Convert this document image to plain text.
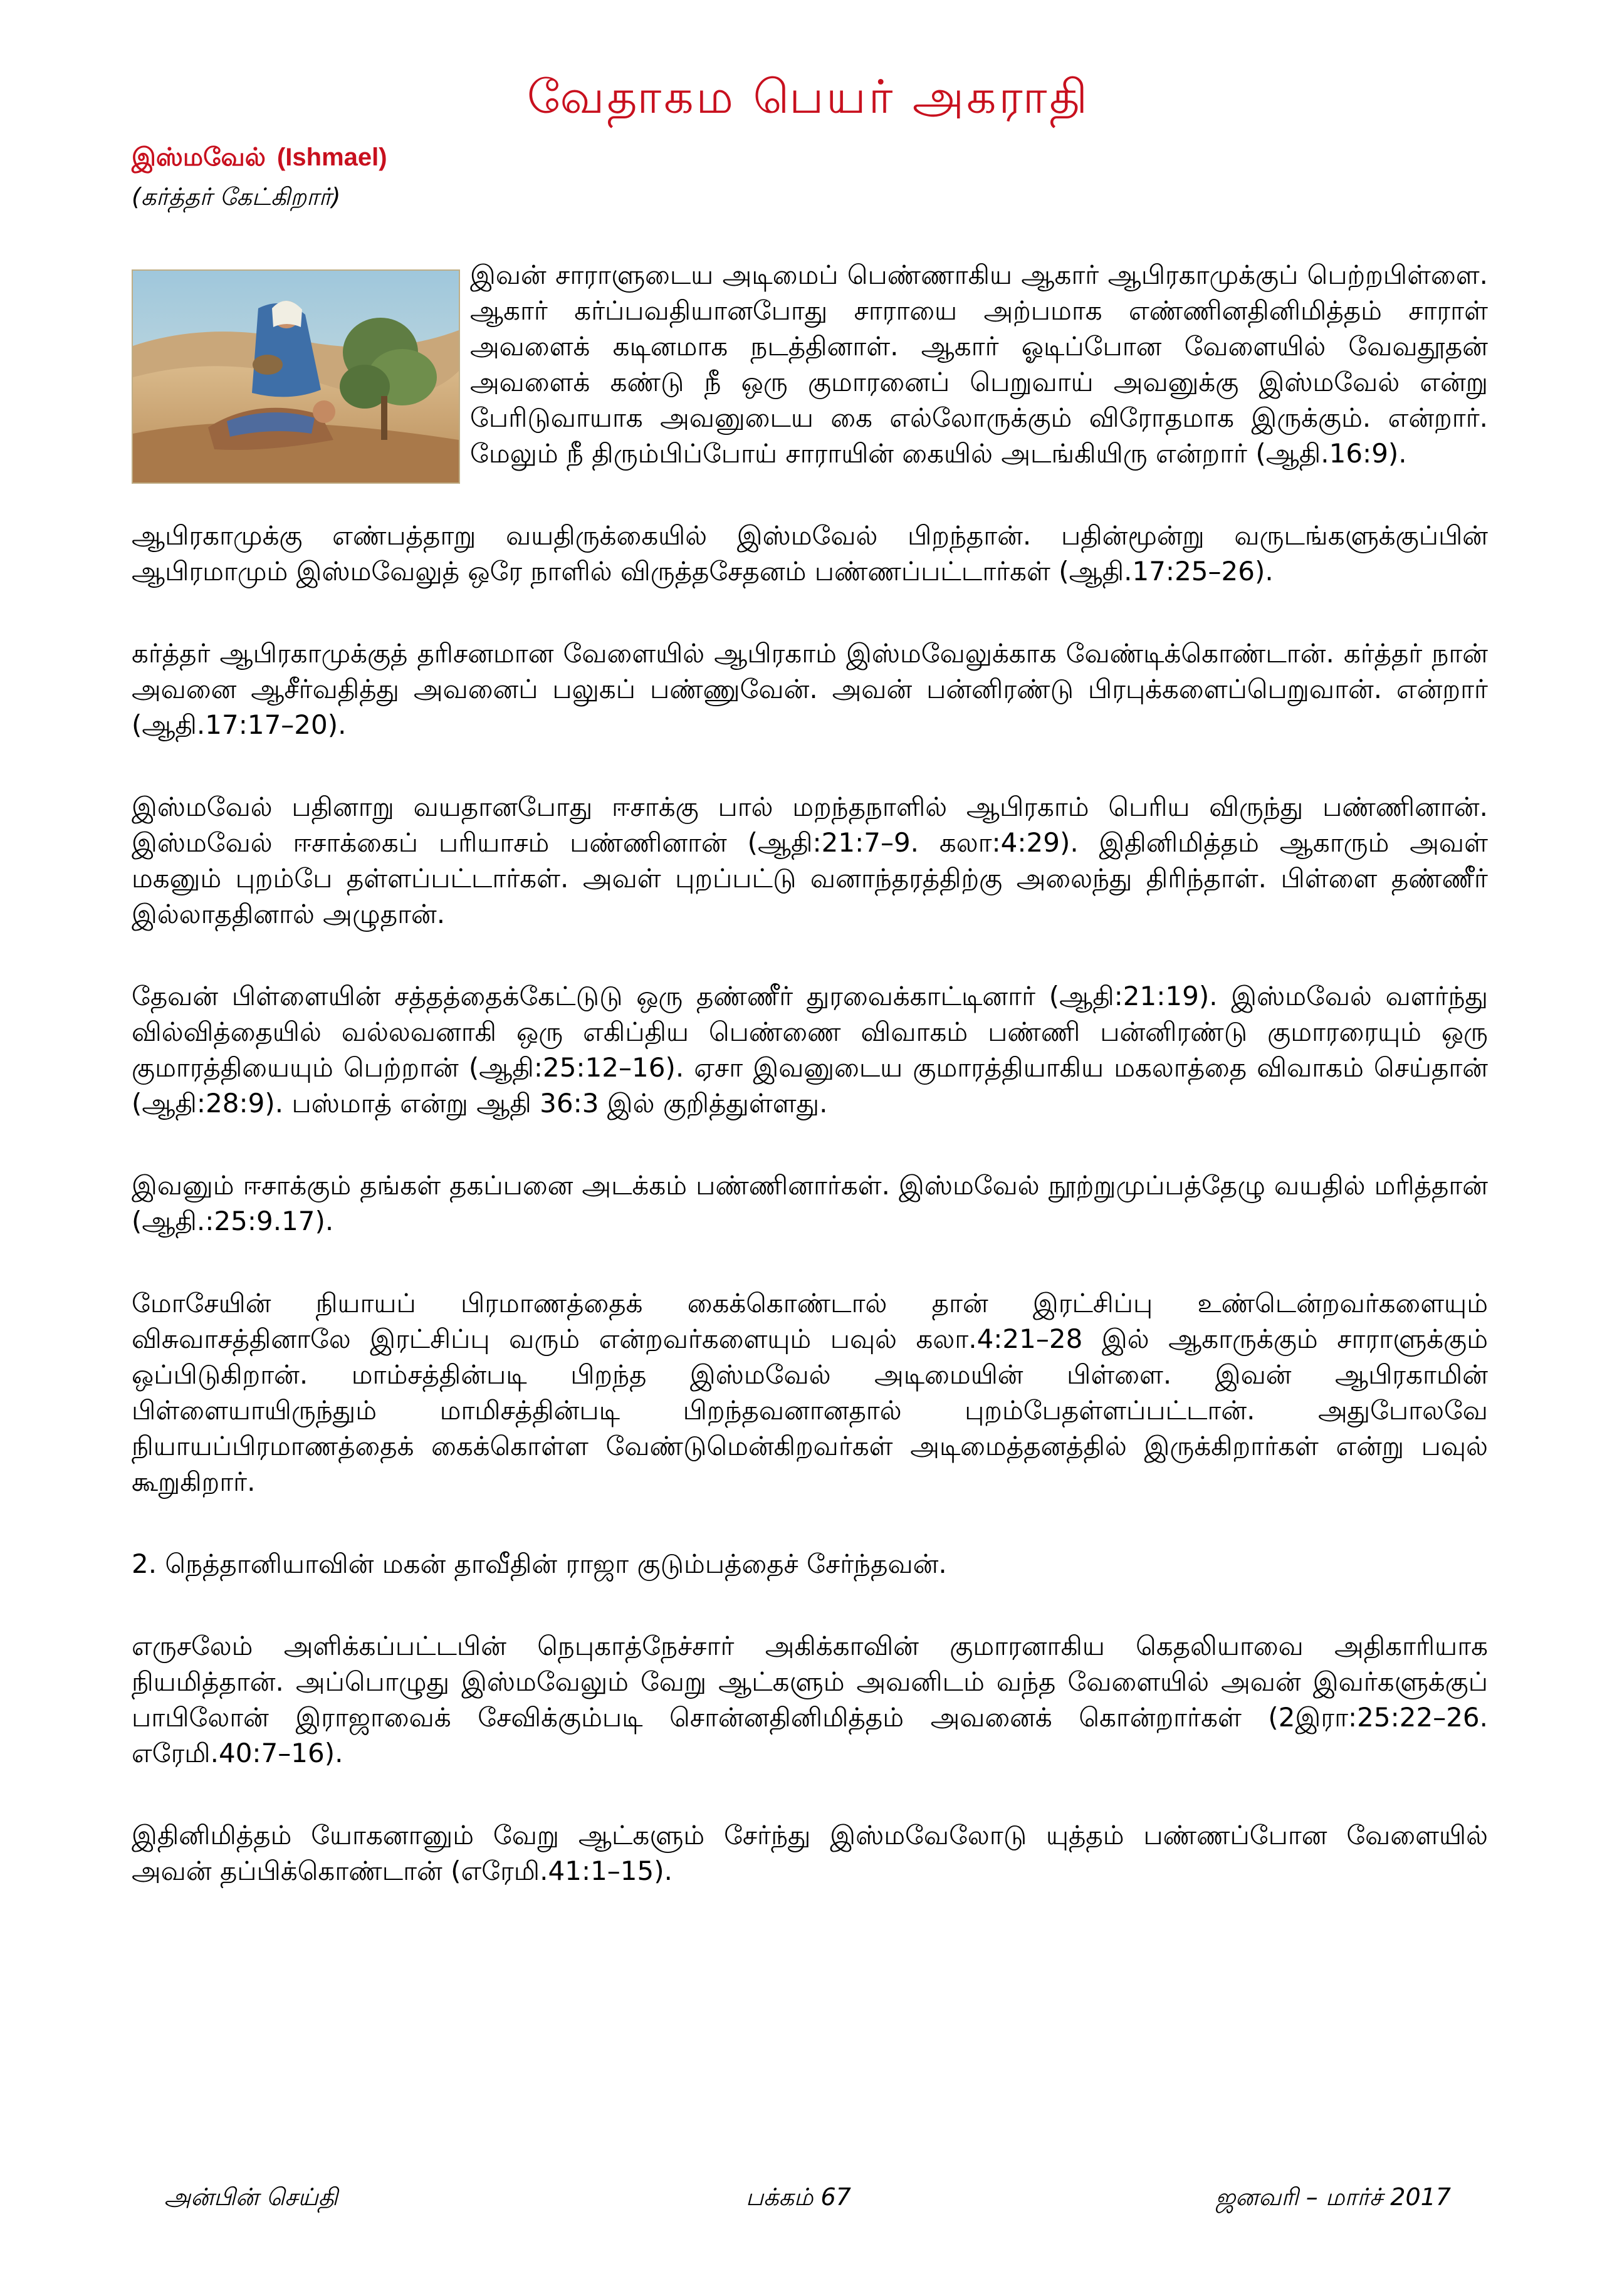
வேதாகம பெயர் அகராதி

இஸ்மவேல் (Ishmael)

(கர்த்தர் கேட்கிறார்)

இவன் சாராளுடைய அடிமைப் பெண்ணாகிய ஆகார் ஆபிரகாமுக்குப் பெற்றபிள்ளை. ஆகார் கர்ப்பவதியானபோது சாராயை அற்பமாக எண்ணினதினிமித்தம் சாராள் அவளைக் கடினமாக நடத்தினாள். ஆகார் ஓடிப்போன வேளையில் வேவதூதன் அவளைக் கண்டு நீ ஒரு குமாரனைப் பெறுவாய் அவனுக்கு இஸ்மவேல் என்று பேரிடுவாயாக அவனுடைய கை எல்லோருக்கும் விரோதமாக இருக்கும். என்றார். மேலும் நீ திரும்பிப்போய் சாராயின் கையில் அடங்கியிரு என்றார் (ஆதி.16:9).

ஆபிரகாமுக்கு எண்பத்தாறு வயதிருக்கையில் இஸ்மவேல் பிறந்தான். பதின்மூன்று வருடங்களுக்குப்பின் ஆபிரமாமும் இஸ்மவேலுத் ஒரே நாளில் விருத்தசேதனம் பண்ணப்பட்டார்கள் (ஆதி.17:25–26).

கர்த்தர் ஆபிரகாமுக்குத் தரிசனமான வேளையில் ஆபிரகாம் இஸ்மவேலுக்காக வேண்டிக்கொண்டான். கர்த்தர் நான் அவனை ஆசீர்வதித்து அவனைப் பலுகப் பண்ணுவேன். அவன் பன்னிரண்டு பிரபுக்களைப்பெறுவான். என்றார் (ஆதி.17:17–20).

இஸ்மவேல் பதினாறு வயதானபோது ஈசாக்கு பால் மறந்தநாளில் ஆபிரகாம் பெரிய விருந்து பண்ணினான். இஸ்மவேல் ஈசாக்கைப் பரியாசம் பண்ணினான் (ஆதி:21:7–9. கலா:4:29). இதினிமித்தம் ஆகாரும் அவள் மகனும் புறம்பே தள்ளப்பட்டார்கள். அவள் புறப்பட்டு வனாந்தரத்திற்கு அலைந்து திரிந்தாள். பிள்ளை தண்ணீர் இல்லாததினால் அழுதான்.

தேவன் பிள்ளையின் சத்தத்தைக்கேட்டுடு ஒரு தண்ணீர் துரவைக்காட்டினார் (ஆதி:21:19). இஸ்மவேல் வளர்ந்து வில்வித்தையில் வல்லவனாகி ஒரு எகிப்திய பெண்ணை விவாகம் பண்ணி பன்னிரண்டு குமாரரையும் ஒரு குமாரத்தியையும் பெற்றான் (ஆதி:25:12–16). ஏசா இவனுடைய குமாரத்தியாகிய மகலாத்தை விவாகம் செய்தான் (ஆதி:28:9). பஸ்மாத் என்று ஆதி 36:3 இல் குறித்துள்ளது.

இவனும் ஈசாக்கும் தங்கள் தகப்பனை அடக்கம் பண்ணினார்கள். இஸ்மவேல் நூற்றுமுப்பத்தேழு வயதில் மரித்தான் (ஆதி.:25:9.17).

மோசேயின் நியாயப் பிரமாணத்தைக் கைக்கொண்டால் தான் இரட்சிப்பு உண்டென்றவர்களையும் விசுவாசத்தினாலே இரட்சிப்பு வரும் என்றவர்களையும் பவுல் கலா.4:21–28 இல் ஆகாருக்கும் சாராளுக்கும் ஒப்பிடுகிறான். மாம்சத்தின்படி பிறந்த இஸ்மவேல் அடிமையின் பிள்ளை. இவன் ஆபிரகாமின் பிள்ளையாயிருந்தும் மாமிசத்தின்படி பிறந்தவனானதால் புறம்பேதள்ளப்பட்டான். அதுபோலவே நியாயப்பிரமாணத்தைக் கைக்கொள்ள வேண்டுமென்கிறவர்கள் அடிமைத்தனத்தில் இருக்கிறார்கள் என்று பவுல் கூறுகிறார்.

2. நெத்தானியாவின் மகன் தாவீதின் ராஜா குடும்பத்தைச் சேர்ந்தவன்.

எருசலேம் அளிக்கப்பட்டபின் நெபுகாத்நேச்சார் அகிக்காவின் குமாரனாகிய கெதலியாவை அதிகாரியாக நியமித்தான். அப்பொழுது இஸ்மவேலும் வேறு ஆட்களும் அவனிடம் வந்த வேளையில் அவன் இவர்களுக்குப் பாபிலோன் இராஜாவைக் சேவிக்கும்படி சொன்னதினிமித்தம் அவனைக் கொன்றார்கள் (2இரா:25:22–26. எரேமி.40:7–16).

இதினிமித்தம் யோகனானும் வேறு ஆட்களும் சேர்ந்து இஸ்மவேலோடு யுத்தம் பண்ணப்போன வேளையில் அவன் தப்பிக்கொண்டான் (எரேமி.41:1–15).

அன்பின் செய்தி	பக்கம் 67	ஜனவரி – மார்ச் 2017
